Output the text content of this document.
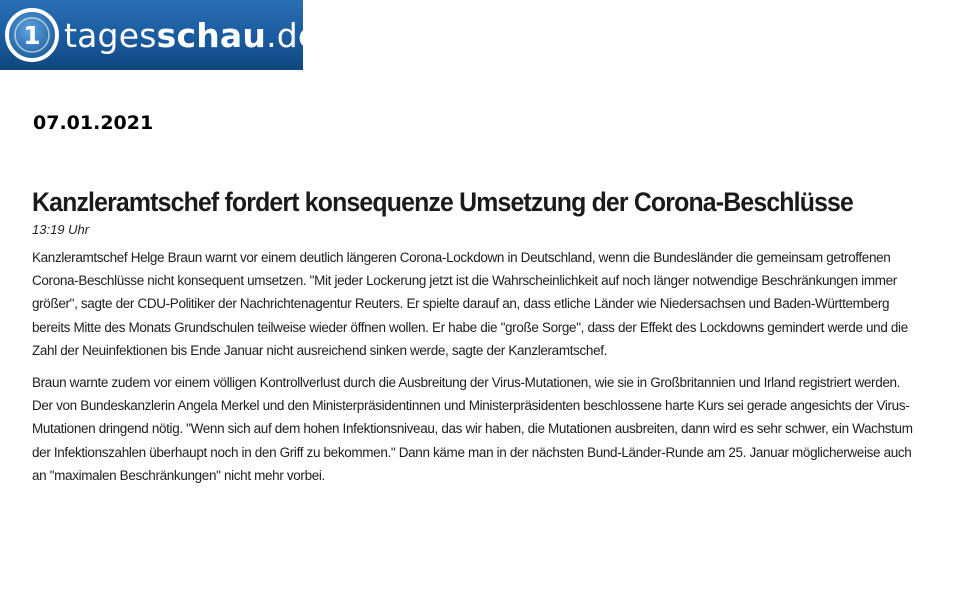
1 tagesschau.de
07.01.2021
Kanzleramtschef fordert konsequenze Umsetzung der Corona-Beschlüsse
13:19 Uhr

Kanzleramtschef Helge Braun warnt vor einem deutlich längeren Corona-Lockdown in Deutschland, wenn die Bundesländer die gemeinsam getroffenen Corona-Beschlüsse nicht konsequent umsetzen. "Mit jeder Lockerung jetzt ist die Wahrscheinlichkeit auf noch länger notwendige Beschränkungen immer größer", sagte der CDU-Politiker der Nachrichtenagentur Reuters. Er spielte darauf an, dass etliche Länder wie Niedersachsen und Baden-Württemberg bereits Mitte des Monats Grundschulen teilweise wieder öffnen wollen. Er habe die "große Sorge", dass der Effekt des Lockdowns gemindert werde und die Zahl der Neuinfektionen bis Ende Januar nicht ausreichend sinken werde, sagte der Kanzleramtschef.

Braun warnte zudem vor einem völligen Kontrollverlust durch die Ausbreitung der Virus-Mutationen, wie sie in Großbritannien und Irland registriert werden. Der von Bundeskanzlerin Angela Merkel und den Ministerpräsidentinnen und Ministerpräsidenten beschlossene harte Kurs sei gerade angesichts der Virus-Mutationen dringend nötig. "Wenn sich auf dem hohen Infektionsniveau, das wir haben, die Mutationen ausbreiten, dann wird es sehr schwer, ein Wachstum der Infektionszahlen überhaupt noch in den Griff zu bekommen." Dann käme man in der nächsten Bund-Länder-Runde am 25. Januar möglicherweise auch an "maximalen Beschränkungen" nicht mehr vorbei.
